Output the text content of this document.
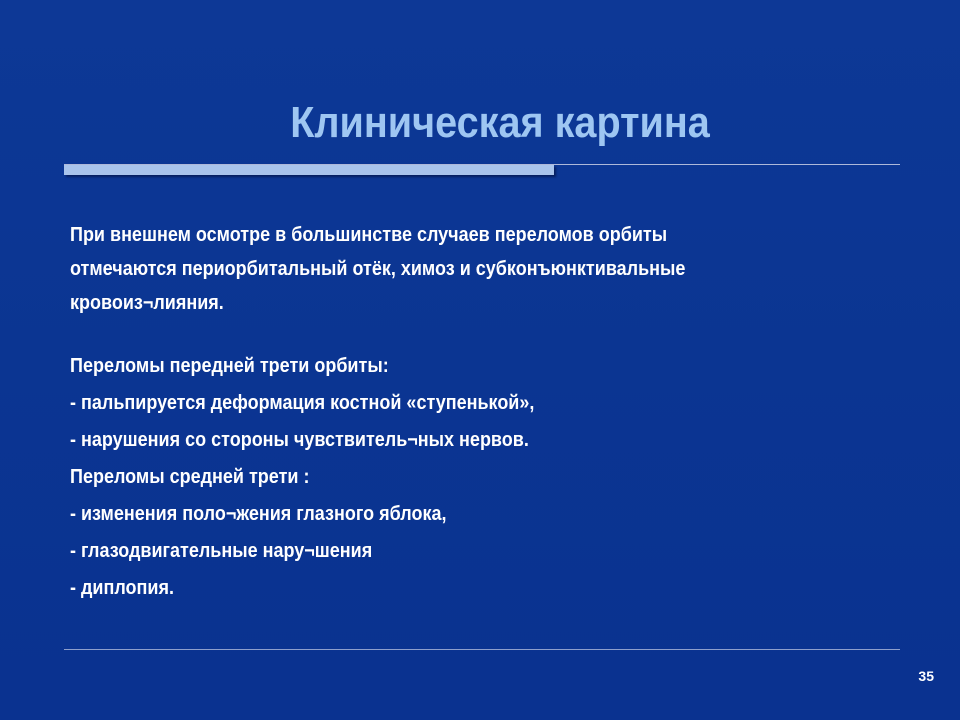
Клиническая картина
При внешнем осмотре в большинстве случаев переломов орбиты
отмечаются периорбитальный отёк, химоз и субконъюнктивальные
кровоиз¬лияния.
Переломы передней трети орбиты:
- пальпируется деформация костной «ступенькой»,
- нарушения со стороны чувствитель¬ных нервов.
Переломы средней трети :
- изменения поло¬жения глазного яблока,
- глазодвигательные нару¬шения
- диплопия.
35
